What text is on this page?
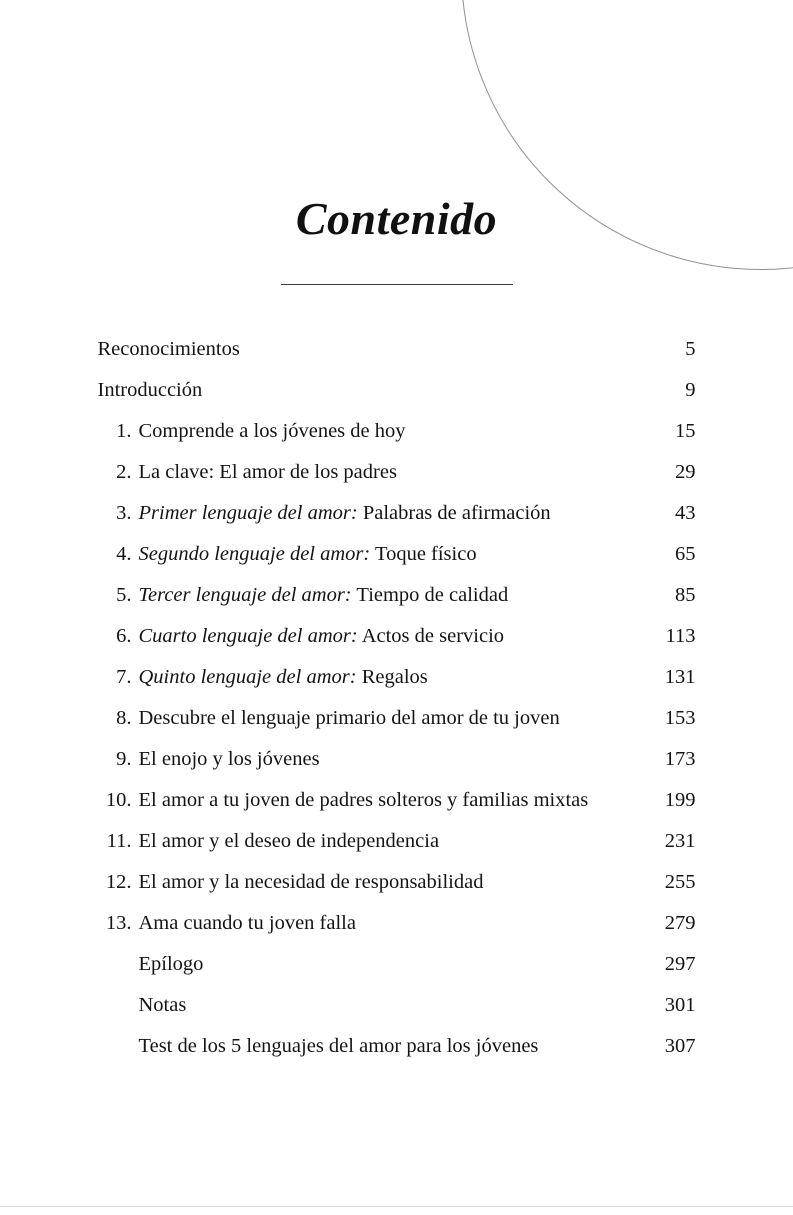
Contenido
Reconocimientos	5
Introducción	9
1. Comprende a los jóvenes de hoy	15
2. La clave: El amor de los padres	29
3. Primer lenguaje del amor: Palabras de afirmación	43
4. Segundo lenguaje del amor: Toque físico	65
5. Tercer lenguaje del amor: Tiempo de calidad	85
6. Cuarto lenguaje del amor: Actos de servicio	113
7. Quinto lenguaje del amor: Regalos	131
8. Descubre el lenguaje primario del amor de tu joven	153
9. El enojo y los jóvenes	173
10. El amor a tu joven de padres solteros y familias mixtas	199
11. El amor y el deseo de independencia	231
12. El amor y la necesidad de responsabilidad	255
13. Ama cuando tu joven falla	279
Epílogo	297
Notas	301
Test de los 5 lenguajes del amor para los jóvenes	307
